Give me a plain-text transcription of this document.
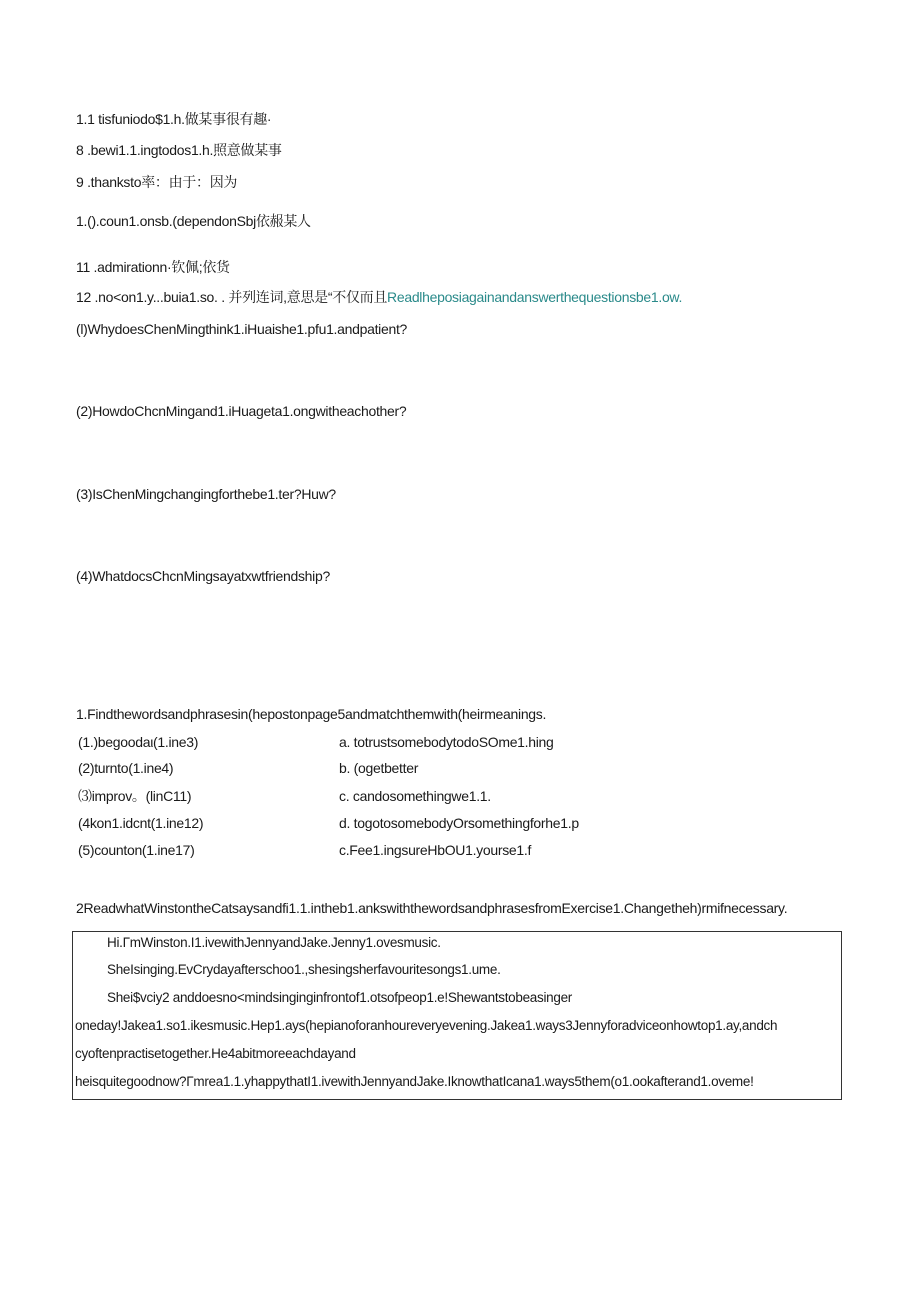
1.1 tisfuniodo$1.h.做某事很有趣·
8 .bewi1.1.ingtodos1.h.照意做某事
9 .thanksto率：由于：因为
1.().coun1.onsb.(dependonSbj依赧某人
11 .admirationn·钦佩;依货
12 .no<on1.y...buia1.so. . 并列连词,意思是“不仅而且Readlheposiagainandanswerthequestionsbe1.ow.
(l)WhydoesChenMingthink1.iHuaishe1.pfu1.andpatient?
(2)HowdoChcnMingand1.iHuageta1.ongwitheachother?
(3)IsChenMingchangingforthebe1.ter?Huw?
(4)WhatdocsChcnMingsayatxwtfriendship?
1.Findthewordsandphrasesin(hepostonpage5andmatchthemwith(heirmeanings.
(1.)begoodaι(1.ine3)
(2)turnto(1.ine4)
⑶improv。(linC11)
(4kon1.idcnt(1.ine12)
(5)counton(1.ine17)
a. totrustsomebodytodoSOme1.hing
b. (ogetbetter
c. candosomethingwe1.1.
d. togotosomebodyOrsomethingforhe1.p
c.Fee1.ingsureHbOU1.yourse1.f
2ReadwhatWinstontheCatsaysandfi1.1.intheb1.ankswiththewordsandphrasesfromExercise1.Changetheh)rmifnecessary.
Hi.ΓmWinston.I1.ivewithJennyandJake.Jenny1.ovesmusic.
SheIsinging.EvCrydayafterschoo1.,shesingsherfavouritesongs1.ume.
Shei$vciy2 anddoesno<mindsinginginfrontof1.otsofpeop1.e!Shewantstobeasinger
oneday!Jakea1.so1.ikesmusic.Hep1.ays(hepianoforanhoureveryevening.Jakea1.ways3Jennyforadviceonhowtop1.ay,andch
cyoftenpractisetogether.He4abitmoreeachdayand
heisquitegoodnow?Γmrea1.1.yhappythatI1.ivewithJennyandJake.IknowthatIcana1.ways5them(o1.ookafterand1.oveme!
